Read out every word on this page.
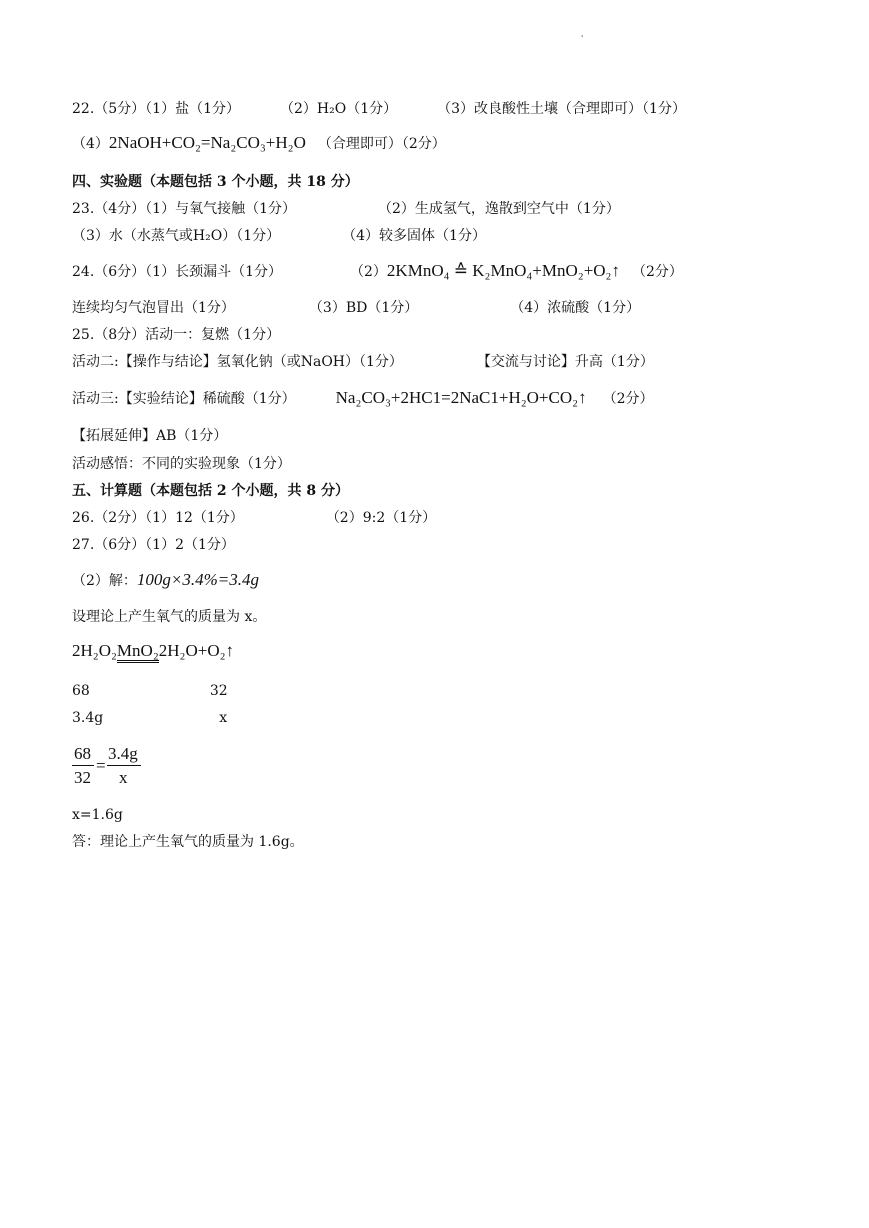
'
22.（5分）（1）盐（1分）	（2）H₂O（1分）	（3）改良酸性土壤（合理即可）（1分）
（4）2NaOH+CO₂=Na₂CO₃+H₂O （合理即可）（2分）
四、实验题（本题包括 3 个小题，共 18 分）
23.（4分）（1）与氧气接触（1分）	（2）生成氢气，逸散到空气中（1分）
（3）水（水蒸气或H₂O）（1分）	（4）较多固体（1分）
24.（6分）（1）长颈漏斗（1分）	（2）2KMnO₄ ≙ K₂MnO₄+MnO₂+O₂↑ （2分）
连续均匀气泡冒出（1分）	（3）BD（1分）	（4）浓硫酸（1分）
25.（8分）活动一：复燃（1分）
活动二:【操作与结论】氢氧化钠（或NaOH）（1分）	【交流与讨论】升高（1分）
活动三:【实验结论】稀硫酸（1分） Na₂CO₃+2HC1=2NaC1+H₂O+CO₂↑ （2分）
【拓展延伸】AB（1分）
活动感悟：不同的实验现象（1分）
五、计算题（本题包括 2 个小题，共 8 分）
26.（2分）（1）12（1分）	（2）9:2（1分）
27.（6分）（1）2（1分）
（2）解：100g×3.4%=3.4g
设理论上产生氧气的质量为 x。
2H₂O₂MnO₂2H₂O+O₂↑
68	32
3.4g	x
68
32
=
3.4g
x
x=1.6g
答：理论上产生氧气的质量为 1.6g。
